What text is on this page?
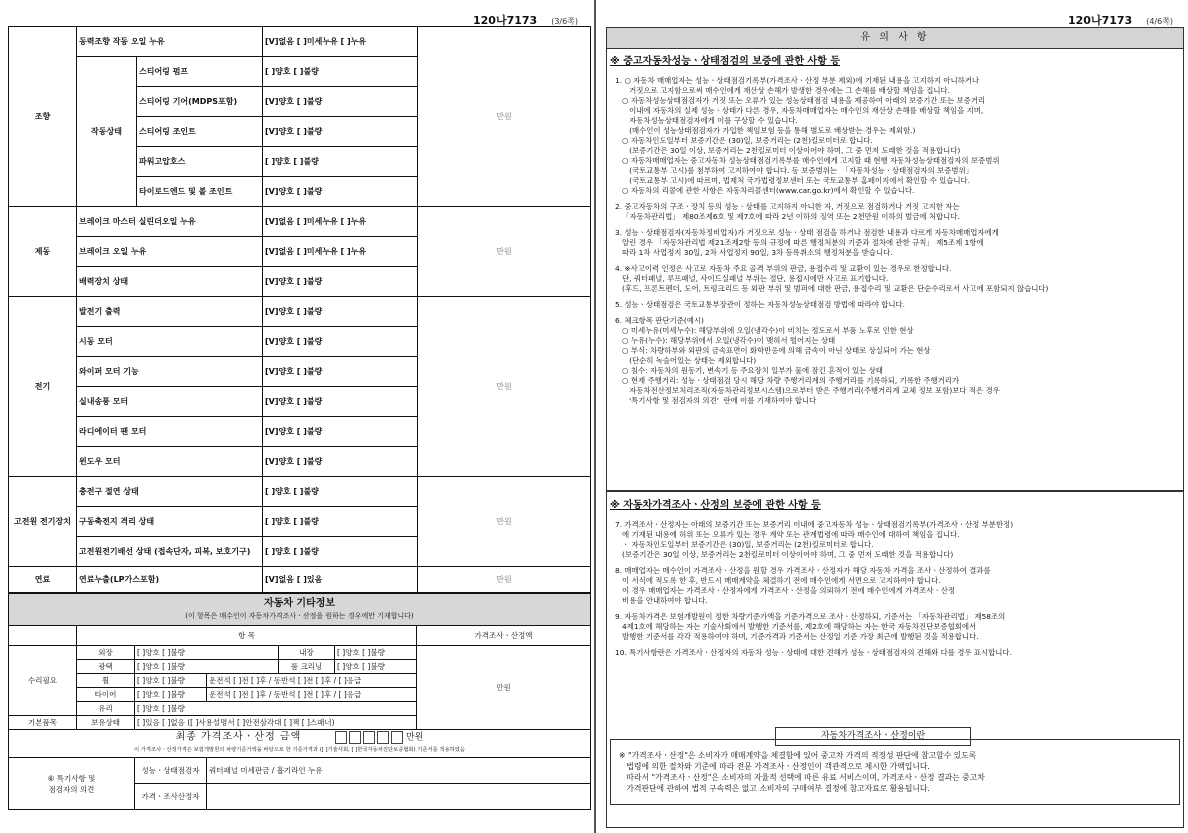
120나7173 (3/6쪽)
조향	동력조향 작동 오일 누유		[V]없음 [ ]미세누유 [ ]누유	만원
	작동상태	스티어링 펌프	[ ]양호 [ ]불량	
		스티어링 기어(MDPS포함)	[V]양호 [ ]불량	
		스티어링 조인트	[V]양호 [ ]불량	
		파워고압호스	[ ]양호 [ ]불량	
		타이로드엔드 및 볼 조인트	[V]양호 [ ]불량	
제동	브레이크 마스터 실린더오일 누유		[V]없음 [ ]미세누유 [ ]누유	만원
	브레이크 오일 누유		[V]없음 [ ]미세누유 [ ]누유	
	배력장치 상태		[V]양호 [ ]불량	
전기	발전기 출력		[V]양호 [ ]불량	만원
	시동 모터		[V]양호 [ ]불량	
	와이퍼 모터 기능		[V]양호 [ ]불량	
	실내송풍 모터		[V]양호 [ ]불량	
	라디에이터 팬 모터		[V]양호 [ ]불량	
	윈도우 모터		[V]양호 [ ]불량	
고전원 전기장치	충전구 절연 상태		[ ]양호 [ ]불량	만원
	구동축전지 격리 상태		[ ]양호 [ ]불량	
	고전원전기배선 상태 (접속단자, 피복, 보호기구)		[ ]양호 [ ]불량	
연료	연료누출(LP가스포함)		[V]없음 [ ]있음	만원
자동차 기타정보
(이 항목은 매수인이 자동차가격조사ㆍ산정을 원하는 경우에만 기재합니다)						

	항 목					가격조사ㆍ산정액
수리필요	외장	[ ]양호 [ ]불량		내장	[ ]양호 [ ]불량	만원
	광택	[ ]양호 [ ]불량		룸 크리닝	[ ]양호 [ ]불량	
	휠	[ ]양호 [ ]불량	운전석 [ ]전 [ ]후 / 동반석 [ ]전 [ ]후 / [ ]응급			
	타이어	[ ]양호 [ ]불량	운전석 [ ]전 [ ]후 / 동반석 [ ]전 [ ]후 / [ ]응급			
	유리	[ ]양호 [ ]불량				
기본품목	보유상태	[ ]있음 [ ]없음 ([ ]사용설명서 [ ]안전삼각대 [ ]잭 [ ]스패너)				
최종 가격조사ㆍ산정 금액 만원
이 가격조사ㆍ산정가격은 보험개발원의 차량기준가액을 바탕으로 한 기준가격과 ([ ]기술사회, [ ]한국자동차진단보증협회) 기준서를 적용하였음						

⑥ 특기사항 및
점검자의 의견		성능ㆍ상태점검자	쿼터패널 미세판금 / 흡기라인 누유			
		가격ㆍ조사산정자				
120나7173 (4/6쪽)
유 의 사 항
※ 중고자동차성능ㆍ상태점검의 보증에 관한 사항 등

1. ○ 자동차 매매업자는 성능ㆍ상태점검기록부(가격조사ㆍ산정 부분 제외)에 기재된 내용을 고지하지 아니하거나

거짓으로 고지함으로써 매수인에게 재산상 손해가 발생한 경우에는 그 손해를 배상할 책임을 집니다.

○ 자동차성능상태점검자가 거짓 또는 오류가 있는 성능상태점검 내용을 제공하여 아래의 보증기간 또는 보증거리

이내에 자동차의 실제 성능ㆍ상태가 다른 경우, 자동차매매업자는 매수인의 재산상 손해를 배상할 책임을 지며,

자동차성능상태점검자에게 이를 구상할 수 있습니다.

(매수인이 성능상태점검자가 가입한 책임보험 등을 통해 별도로 배상받는 경우는 제외함.)

○ 자동차인도일부터 보증기간은 (30)일, 보증거리는 (2천)킬로미터로 합니다.

(보증기간은 30일 이상, 보증거리는 2천킬로미터 이상이어야 하며, 그 중 먼저 도래한 것을 적용합니다)

○ 자동차매매업자는 중고자동차 성능상태점검기록부를 매수인에게 고지할 때 현행 자동차성능상태점검자의 보증범위

(국토교통부 고시)를 첨부하여 고지하여야 합니다. 동 보증범위는  「자동차성능ㆍ상태점검자의 보증범위」

(국토교통부 고시)에 따르며, 법제처 국가법령정보센터 또는 국토교통부 홈페이지에서 확인할 수 있습니다.

○ 자동차의 리콜에 관한 사항은 자동차리콜센터(www.car.go.kr)에서 확인할 수 있습니다.

2. 중고자동차의 구조ㆍ장치 등의 성능ㆍ상태를 고지하지 아니한 자, 거짓으로 점검하거나 거짓 고지한 자는

「자동차관리법」 제80조제6호 및 제7호에 따라 2년 이하의 징역 또는 2천만원 이하의 벌금에 처합니다.

3. 성능ㆍ상태점검자(자동차정비업자)가 거짓으로 성능ㆍ상태 점검을 하거나 점검한 내용과 다르게 자동차매매업자에게

알린 경우 「자동차관리법 제21조제2항 등의 규정에 따른 행정처분의 기준과 절차에 관한 규칙」 제5조제 1항에

따라 1차 사업정지 30일, 2차 사업정지 90일, 3차 등록취소의 행정처분을 받습니다.

4. ※사고이력 인정은 사고로 자동차 주요 골격 부위의 판금, 용접수리 및 교환이 있는 경우로 한정합니다.

단, 쿼터패널, 루프패널, 사이드실패널 부위는 절단, 용접시에만 사고로 표기합니다.

(후드, 프론트펜더, 도어, 트렁크리드 등 외판 부위 및 범퍼에 대한 판금, 용접수리 및 교환은 단순수리로서 사고에 포함되지 않습니다)

5. 성능ㆍ상태점검은 국토교통부장관이 정하는 자동차성능상태점검 방법에 따라야 합니다.

6. 체크항목 판단기준(예시)

○ 미세누유(미세누수): 해당부위에 오일(냉각수)이 비치는 정도로서 부품 노후로 인한 현상

○ 누유(누수): 해당부위에서 오일(냉각수)이 맺혀서 떨어지는 상태

○ 부식: 차량하부와 외판의 금속표면이 화학반응에 의해 금속이 아닌 상태로 상실되어 가는 현상

(단순히 녹슬어있는 상태는 제외합니다)

○ 침수: 자동차의 원동기, 변속기 등 주요장치 일부가 물에 잠긴 흔적이 있는 상태

○ 현재 주행거리: 성능ㆍ상태점검 당시 해당 차량 주행거리계의 주행거리를 기록하되, 기록한 주행거리가

자동차전산정보처리조직(자동차관리정보시스템)으로부터 받은 주행거리(주행거리계 교체 정보 포함)보다 적은 경우

'특기사항 및 점검자의 의견'  란에 이를 기재하여야 합니다

※ 자동차가격조사ㆍ산정의 보증에 관한 사항 등

7. 가격조사ㆍ산정자는 아래의 보증기간 또는 보증거리 이내에 중고자동차 성능ㆍ상태점검기록부(가격조사ㆍ산정 부분한정)

에 기재된 내용에 허위 또는 오류가 있는 경우 계약 또는 관계법령에 따라 매수인에 대하여 책임을 집니다.

ㆍ 자동차인도일부터 보증기간은 (30)일, 보증거리는 (2천)킬로미터로 합니다.

(보증기간은 30일 이상, 보증거리는 2천킬로미터 이상이어야 하며, 그 중 먼저 도래한 것을 적용합니다)

8. 매매업자는 매수인이 가격조사ㆍ산정을 원할 경우 가격조사ㆍ산정자가 해당 자동차 가격을 조사ㆍ산정하여 결과를

이 서식에 적도록 한 후, 반드시 매매계약을 체결하기 전에 매수인에게 서면으로 고지하여야 합니다.

이 경우 매매업자는 가격조사ㆍ산정자에게 가격조사ㆍ산정을 의뢰하기 전에 매수인에게 가격조사ㆍ산정

비용을 안내하여야 합니다.

9. 자동차가격은 보험개발원이 정한 차량기준가액을 기준가격으로 조사ㆍ산정하되, 기준서는 「자동차관리법」 제58조의

4제1호에 해당하는 자는 기술사회에서 발행한 기준서를, 제2호에 해당하는 자는 한국 자동차진단보증협회에서

발행한 기준서를 각각 적용하여야 하며, 기준가격과 기준서는 산정일 기준 가장 최근에 발행된 것을 적용합니다.

10. 특기사항란은 가격조사ㆍ산정자의 자동차 성능ㆍ상태에 대한 견해가 성능ㆍ상태점검자의 견해와 다를 경우 표시합니다.

자동차가격조사ㆍ산정이란

※ "가격조사ㆍ산정"은 소비자가 매매계약을 체결함에 있어 중고차 가격의 적정성 판단에 참고할수 있도록

법령에 의한 절차와 기준에 따라 전문 가격조사ㆍ산정인이 객관적으로 제시한 가액입니다.

따라서 "가격조사ㆍ산정"은 소비자의 자율적 선택에 따른 유료 서비스이며, 가격조사ㆍ산정 결과는 중고차

가격판단에 관하여 법적 구속력은 없고 소비자의 구매여부 결정에 참고자료로 활용됩니다.
